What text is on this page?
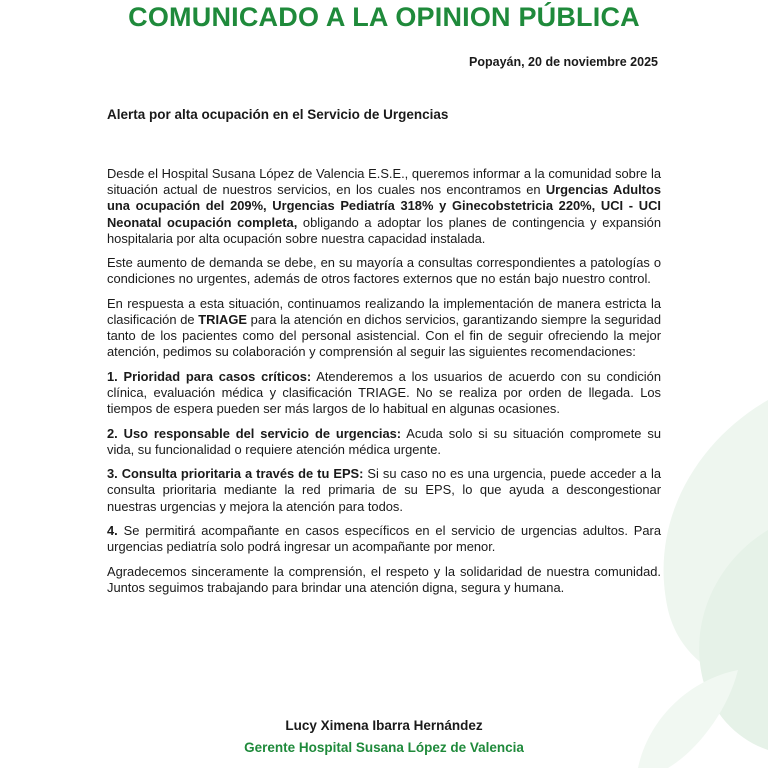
COMUNICADO A LA OPINION PÚBLICA
Popayán, 20 de noviembre 2025
Alerta por alta ocupación en el Servicio de Urgencias

Desde el Hospital Susana López de Valencia E.S.E., queremos informar a la comunidad sobre la situación actual de nuestros servicios, en los cuales nos encontramos en Urgencias Adultos una ocupación del 209%, Urgencias Pediatría 318% y Ginecobstetricia 220%, UCI - UCI Neonatal ocupación completa, obligando a adoptar los planes de contingencia y expansión hospitalaria por alta ocupación sobre nuestra capacidad instalada.

Este aumento de demanda se debe, en su mayoría a consultas correspondientes a patologías o condiciones no urgentes, además de otros factores externos que no están bajo nuestro control.

En respuesta a esta situación, continuamos realizando la implementación de manera estricta la clasificación de TRIAGE para la atención en dichos servicios, garantizando siempre la seguridad tanto de los pacientes como del personal asistencial. Con el fin de seguir ofreciendo la mejor atención, pedimos su colaboración y comprensión al seguir las siguientes recomendaciones:

1. Prioridad para casos críticos: Atenderemos a los usuarios de acuerdo con su condición clínica, evaluación médica y clasificación TRIAGE. No se realiza por orden de llegada. Los tiempos de espera pueden ser más largos de lo habitual en algunas ocasiones.

2. Uso responsable del servicio de urgencias: Acuda solo si su situación compromete su vida, su funcionalidad o requiere atención médica urgente.

3. Consulta prioritaria a través de tu EPS: Si su caso no es una urgencia, puede acceder a la consulta prioritaria mediante la red primaria de su EPS, lo que ayuda a descongestionar nuestras urgencias y mejora la atención para todos.

4. Se permitirá acompañante en casos específicos en el servicio de urgencias adultos. Para urgencias pediatría solo podrá ingresar un acompañante por menor.

Agradecemos sinceramente la comprensión, el respeto y la solidaridad de nuestra comunidad. Juntos seguimos trabajando para brindar una atención digna, segura y humana.

Lucy Ximena Ibarra Hernández
Gerente Hospital Susana López de Valencia
